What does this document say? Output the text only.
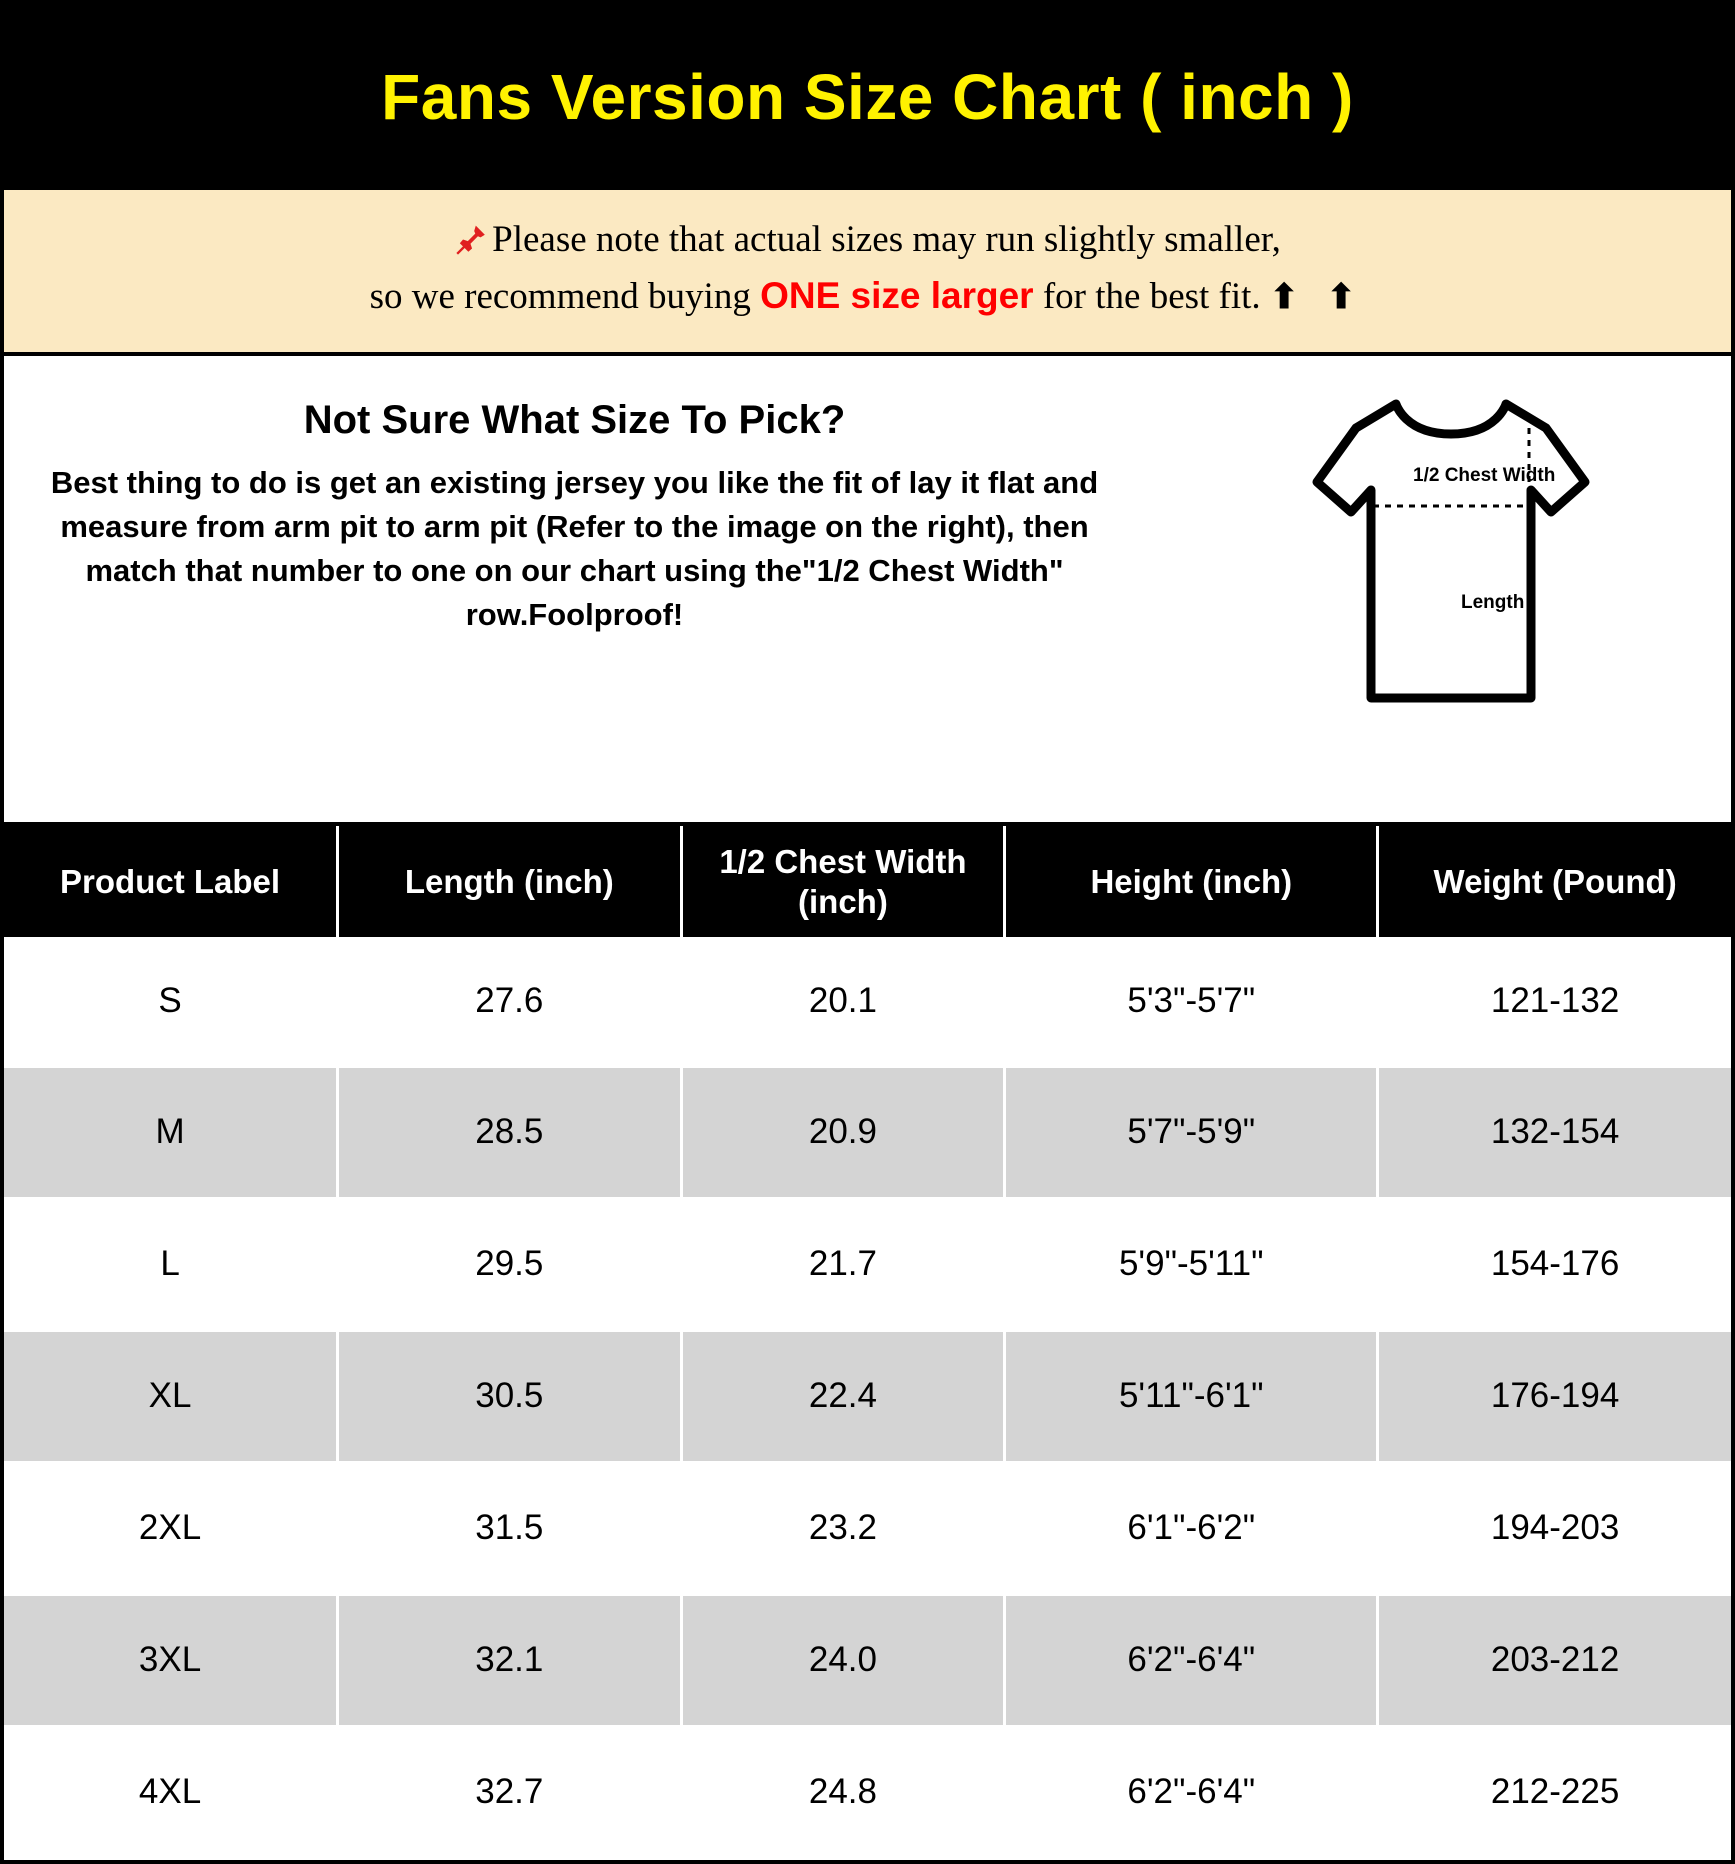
Fans Version Size Chart ( inch )
Please note that actual sizes may run slightly smaller,
so we recommend buying ONE size larger for the best fit. ⬆ ⬆
Not Sure What Size To Pick?
Best thing to do is get an existing jersey you like the fit of lay it flat and measure from arm pit to arm pit (Refer to the image on the right), then match that number to one on our chart using the"1/2 Chest Width" row.Foolproof!
1/2 Chest Width
Length
Product Label	Length (inch)	1/2 Chest Width (inch)	Height (inch)	Weight (Pound)
S	27.6	20.1	5'3"-5'7"	121-132
M	28.5	20.9	5'7"-5'9"	132-154
L	29.5	21.7	5'9"-5'11"	154-176
XL	30.5	22.4	5'11"-6'1"	176-194
2XL	31.5	23.2	6'1"-6'2"	194-203
3XL	32.1	24.0	6'2"-6'4"	203-212
4XL	32.7	24.8	6'2"-6'4"	212-225
